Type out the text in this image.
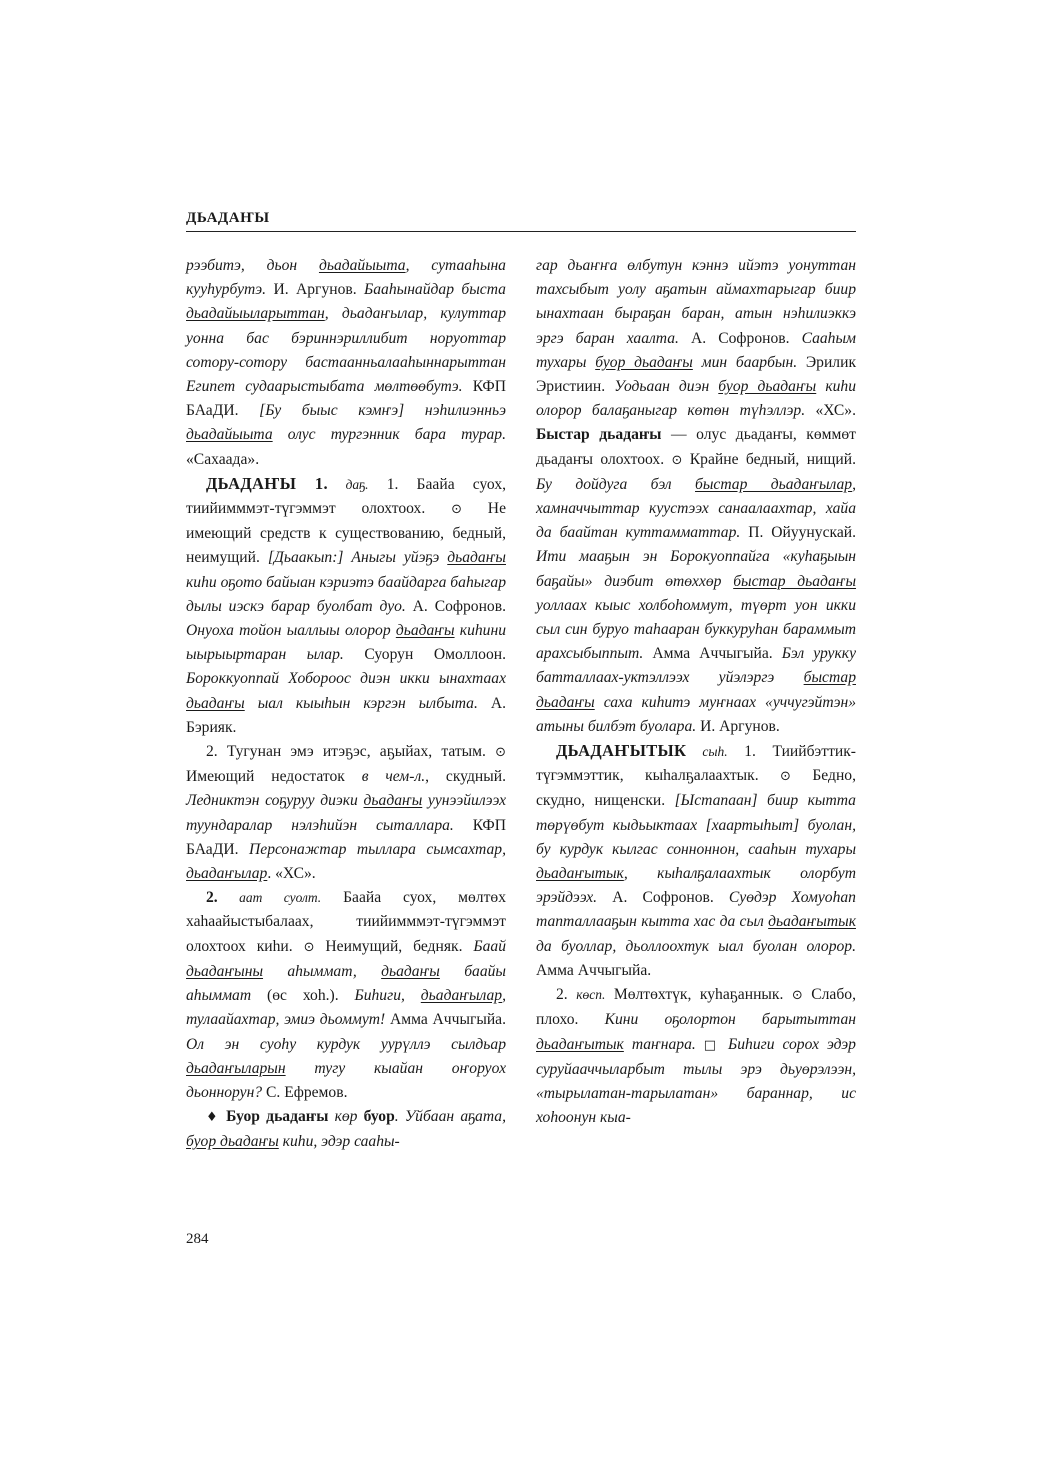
ДЬАДАҤЫ

рээбитэ, дьон дьадайыыта, сутааһына кууһурбутэ. И. Аргунов. Бааһынайдар быста дьадайыыларыттан, дьадаҥылар, кулуттар уонна бас бэриннэриллибит норуоттар сотору-сотору бастаанньалааһыннарыттан Египет судаарыстыбата мөлтөөбутэ. КФП БАаДИ. [Бу быыс кэмҥэ] нэһилиэнньэ дьадайыыта олус тургэнник бара турар. «Сахаада».

ДЬАДАҤЫ 1. даҕ. 1. Баайа суох, тиийимммэт-түгэммэт олохтоох. ⊙ Не имеющий средств к существованию, бедный, неимущий. [Дьаакып:] Аныгы уйэҕэ дьадаҥы киһи оҕото байыан кэриэтэ баайдарга баһыгар дылы иэскэ барар буолбат дуо. А. Софронов. Онуоха тойон ыаллыы олорор дьадаҥы киһини ыырыыртаран ылар. Суорун Омоллоон. Бороккуоппай Хобороос диэн икки ынахтаах дьадаҥы ыал кыыһын кэргэн ылбыта. А. Бэрияк.

2. Тугунан эмэ итэҕэс, аҕыйах, татым. ⊙ Имеющий недостаток в чем-л., скудный. Ледниктэн соҕуруу диэки дьадаҥы уунээйилээх туундаралар нэлэһийэн сыталлара. КФП БАаДИ. Персонажтар тыллара сымсахтар, дьадаҥылар. «ХС».

2. аат суолт. Баайа суох, мөлтөх хаһаайыстыбалаах, тиийимммэт-түгэммэт олохтоох киһи. ⊙ Неимущий, бедняк. Баай дьадаҥыны аһыммат, дьадаҥы баайы аһыммат (өс хоһ.). Биһиги, дьадаҥылар, тулаайахтар, эмиэ дьоммут! Амма Аччыгыйа. Ол эн суоһу курдук уурүллэ сылдьар дьадаҥыларын тугу кыайан оҥоруох дьоннорун? С. Ефремов.

♦ Буор дьадаҥы көр буор. Уйбаан аҕата, буор дьадаҥы киһи, эдэр сааһы-

гар дьаҥҥа өлбутун кэннэ ийэтэ уонуттан тахсыбыт уолу аҕатын аймахтарыгар биир ынахтаан быраҕан баран, атын нэһилиэккэ эргэ баран хаалта. А. Софронов. Сааһым тухары буор дьадаҥы мин баарбын. Эрилик Эристиин. Уодьаан диэн буор дьадаҥы киһи олорор балаҕаныгар көтөн түһэллэр. «ХС». Быстар дьадаҥы — олус дьадаҥы, көммөт дьадаҥы олохтоох. ⊙ Крайне бедный, нищий. Бу дойдуга бэл быстар дьадаҥылар, хамначчыттар куустээх санаалаахтар, хайа да баайтан куттамматтар. П. Ойуунускай. Ити мааҕын эн Борокуоппайга «куһаҕыын баҕайы» диэбит өтөххөр быстар дьадаҥы уоллаах кыыс холбоһоммут, түөрт уон икки сыл син буруо таһааран буккуруһан бараммыт арахсыбыппыт. Амма Аччыгыйа. Бэл урукку батталлаах-уктэллээх уйэлэргэ быстар дьадаҥы саха киһитэ муҥнаах «уччугэйтэн» атыны билбэт буолара. И. Аргунов.

ДЬАДАҤЫТЫК сыһ. 1. Тиийбэттик-түгэммэттик, кыһалҕалаахтык. ⊙ Бедно, скудно, нищенски. [Ыстапаан] биир кытта төрүөбут кыдьыктаах [хаартыһыт] буолан, бу курдук кылгас сонноннон, сааһын тухары дьадаҥытык, кыһалҕалаахтык олорбут эрэйдээх. А. Софронов. Суөдэр Хомуоһап тапталлааҕын кытта хас да сыл дьадаҥытык да буоллар, дьоллоохтук ыал буолан олорор. Амма Аччыгыйа.

2. көсп. Мөлтөхтүк, куһаҕаннык. ⊙ Слабо, плохо. Кини оҕолортон барытыттан дьадаҥытык таҥнара. □ Биһиги сорох эдэр суруйааччыларбыт тылы эрэ дьуөрэлээн, «тырылатан-тарылатан» бараннар, ис хоһоонун кыа-

284
